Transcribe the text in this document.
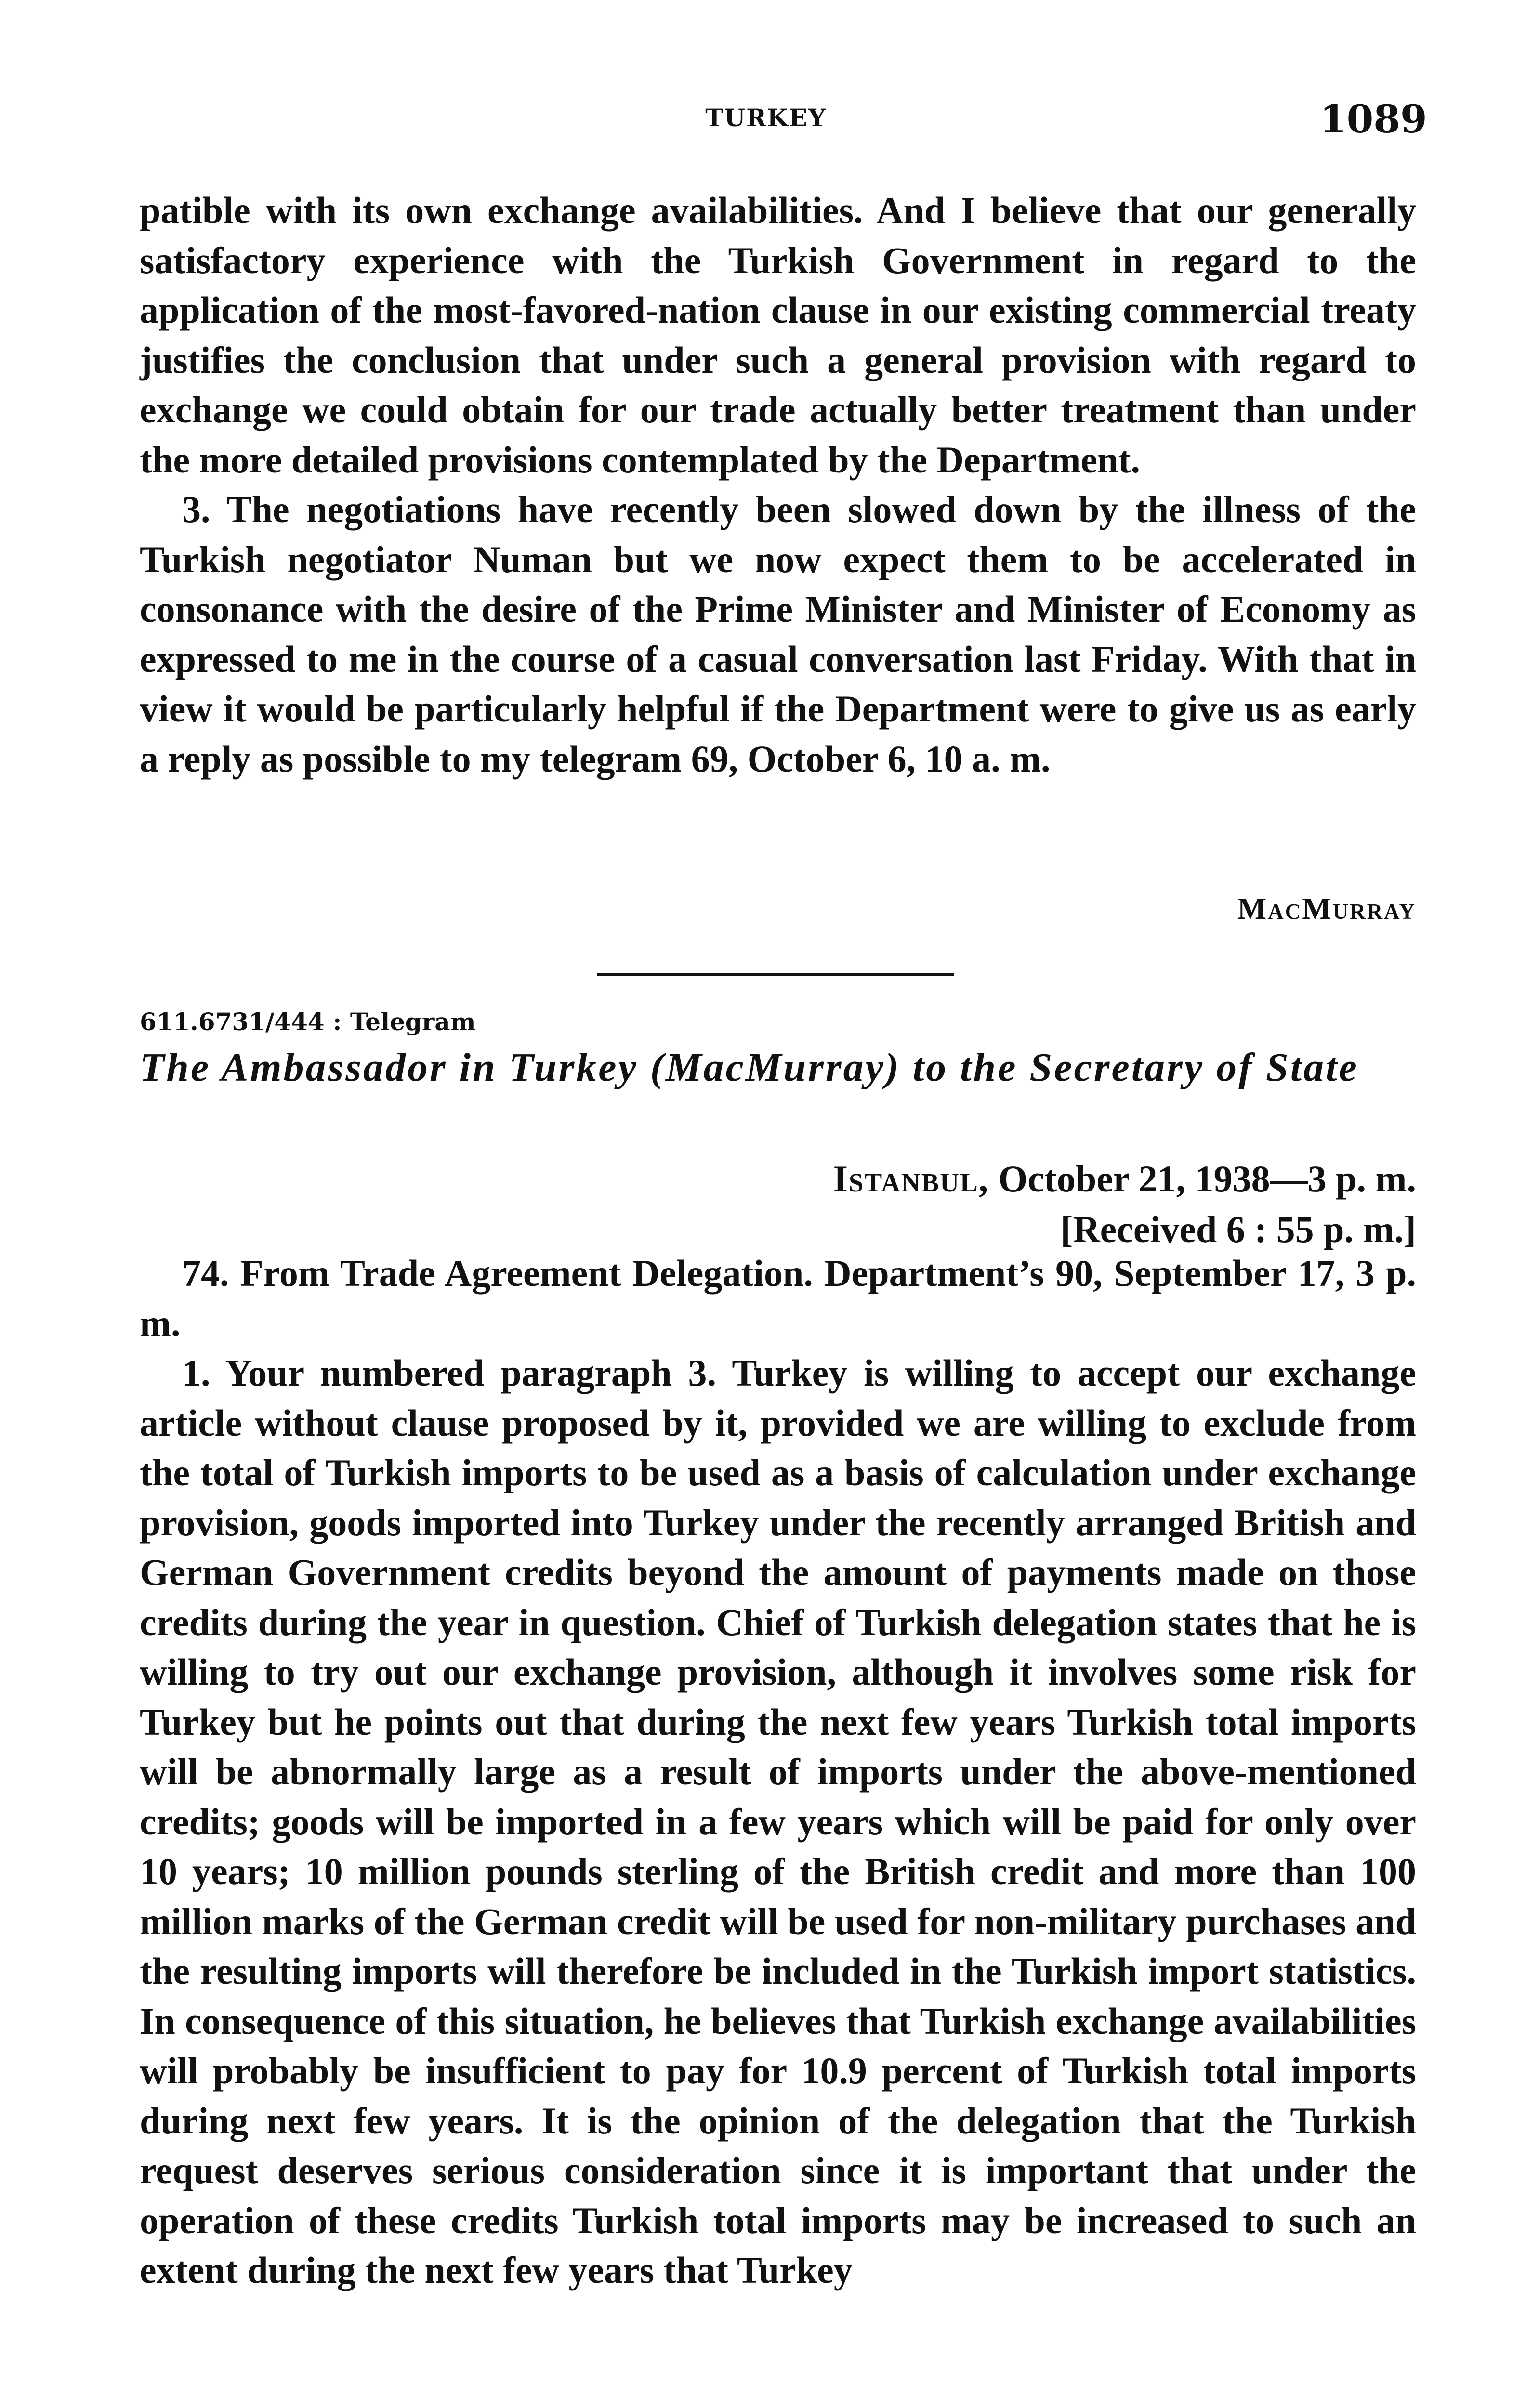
TURKEY	1089

patible with its own exchange availabilities. And I believe that our generally satisfactory experience with the Turkish Government in regard to the application of the most-favored-nation clause in our existing commercial treaty justifies the conclusion that under such a general provision with regard to exchange we could obtain for our trade actually better treatment than under the more detailed provisions contemplated by the Department.

3. The negotiations have recently been slowed down by the illness of the Turkish negotiator Numan but we now expect them to be accelerated in consonance with the desire of the Prime Minister and Minister of Economy as expressed to me in the course of a casual conversation last Friday. With that in view it would be particularly helpful if the Department were to give us as early a reply as possible to my telegram 69, October 6, 10 a. m.

MacMurray
611.6731/444 : Telegram
The Ambassador in Turkey (MacMurray) to the Secretary of State
Istanbul, October 21, 1938—3 p. m.
[Received 6 : 55 p. m.]

74. From Trade Agreement Delegation. Department’s 90, September 17, 3 p. m.

1. Your numbered paragraph 3. Turkey is willing to accept our exchange article without clause proposed by it, provided we are willing to exclude from the total of Turkish imports to be used as a basis of calculation under exchange provision, goods imported into Turkey under the recently arranged British and German Government credits beyond the amount of payments made on those credits during the year in question. Chief of Turkish delegation states that he is willing to try out our exchange provision, although it involves some risk for Turkey but he points out that during the next few years Turkish total imports will be abnormally large as a result of imports under the above-mentioned credits; goods will be imported in a few years which will be paid for only over 10 years; 10 million pounds sterling of the British credit and more than 100 million marks of the German credit will be used for non-military purchases and the resulting imports will therefore be included in the Turkish import statistics. In consequence of this situation, he believes that Turkish exchange availabilities will probably be insufficient to pay for 10.9 percent of Turkish total imports during next few years. It is the opinion of the delegation that the Turkish request deserves serious consideration since it is important that under the operation of these credits Turkish total imports may be increased to such an extent during the next few years that Turkey
